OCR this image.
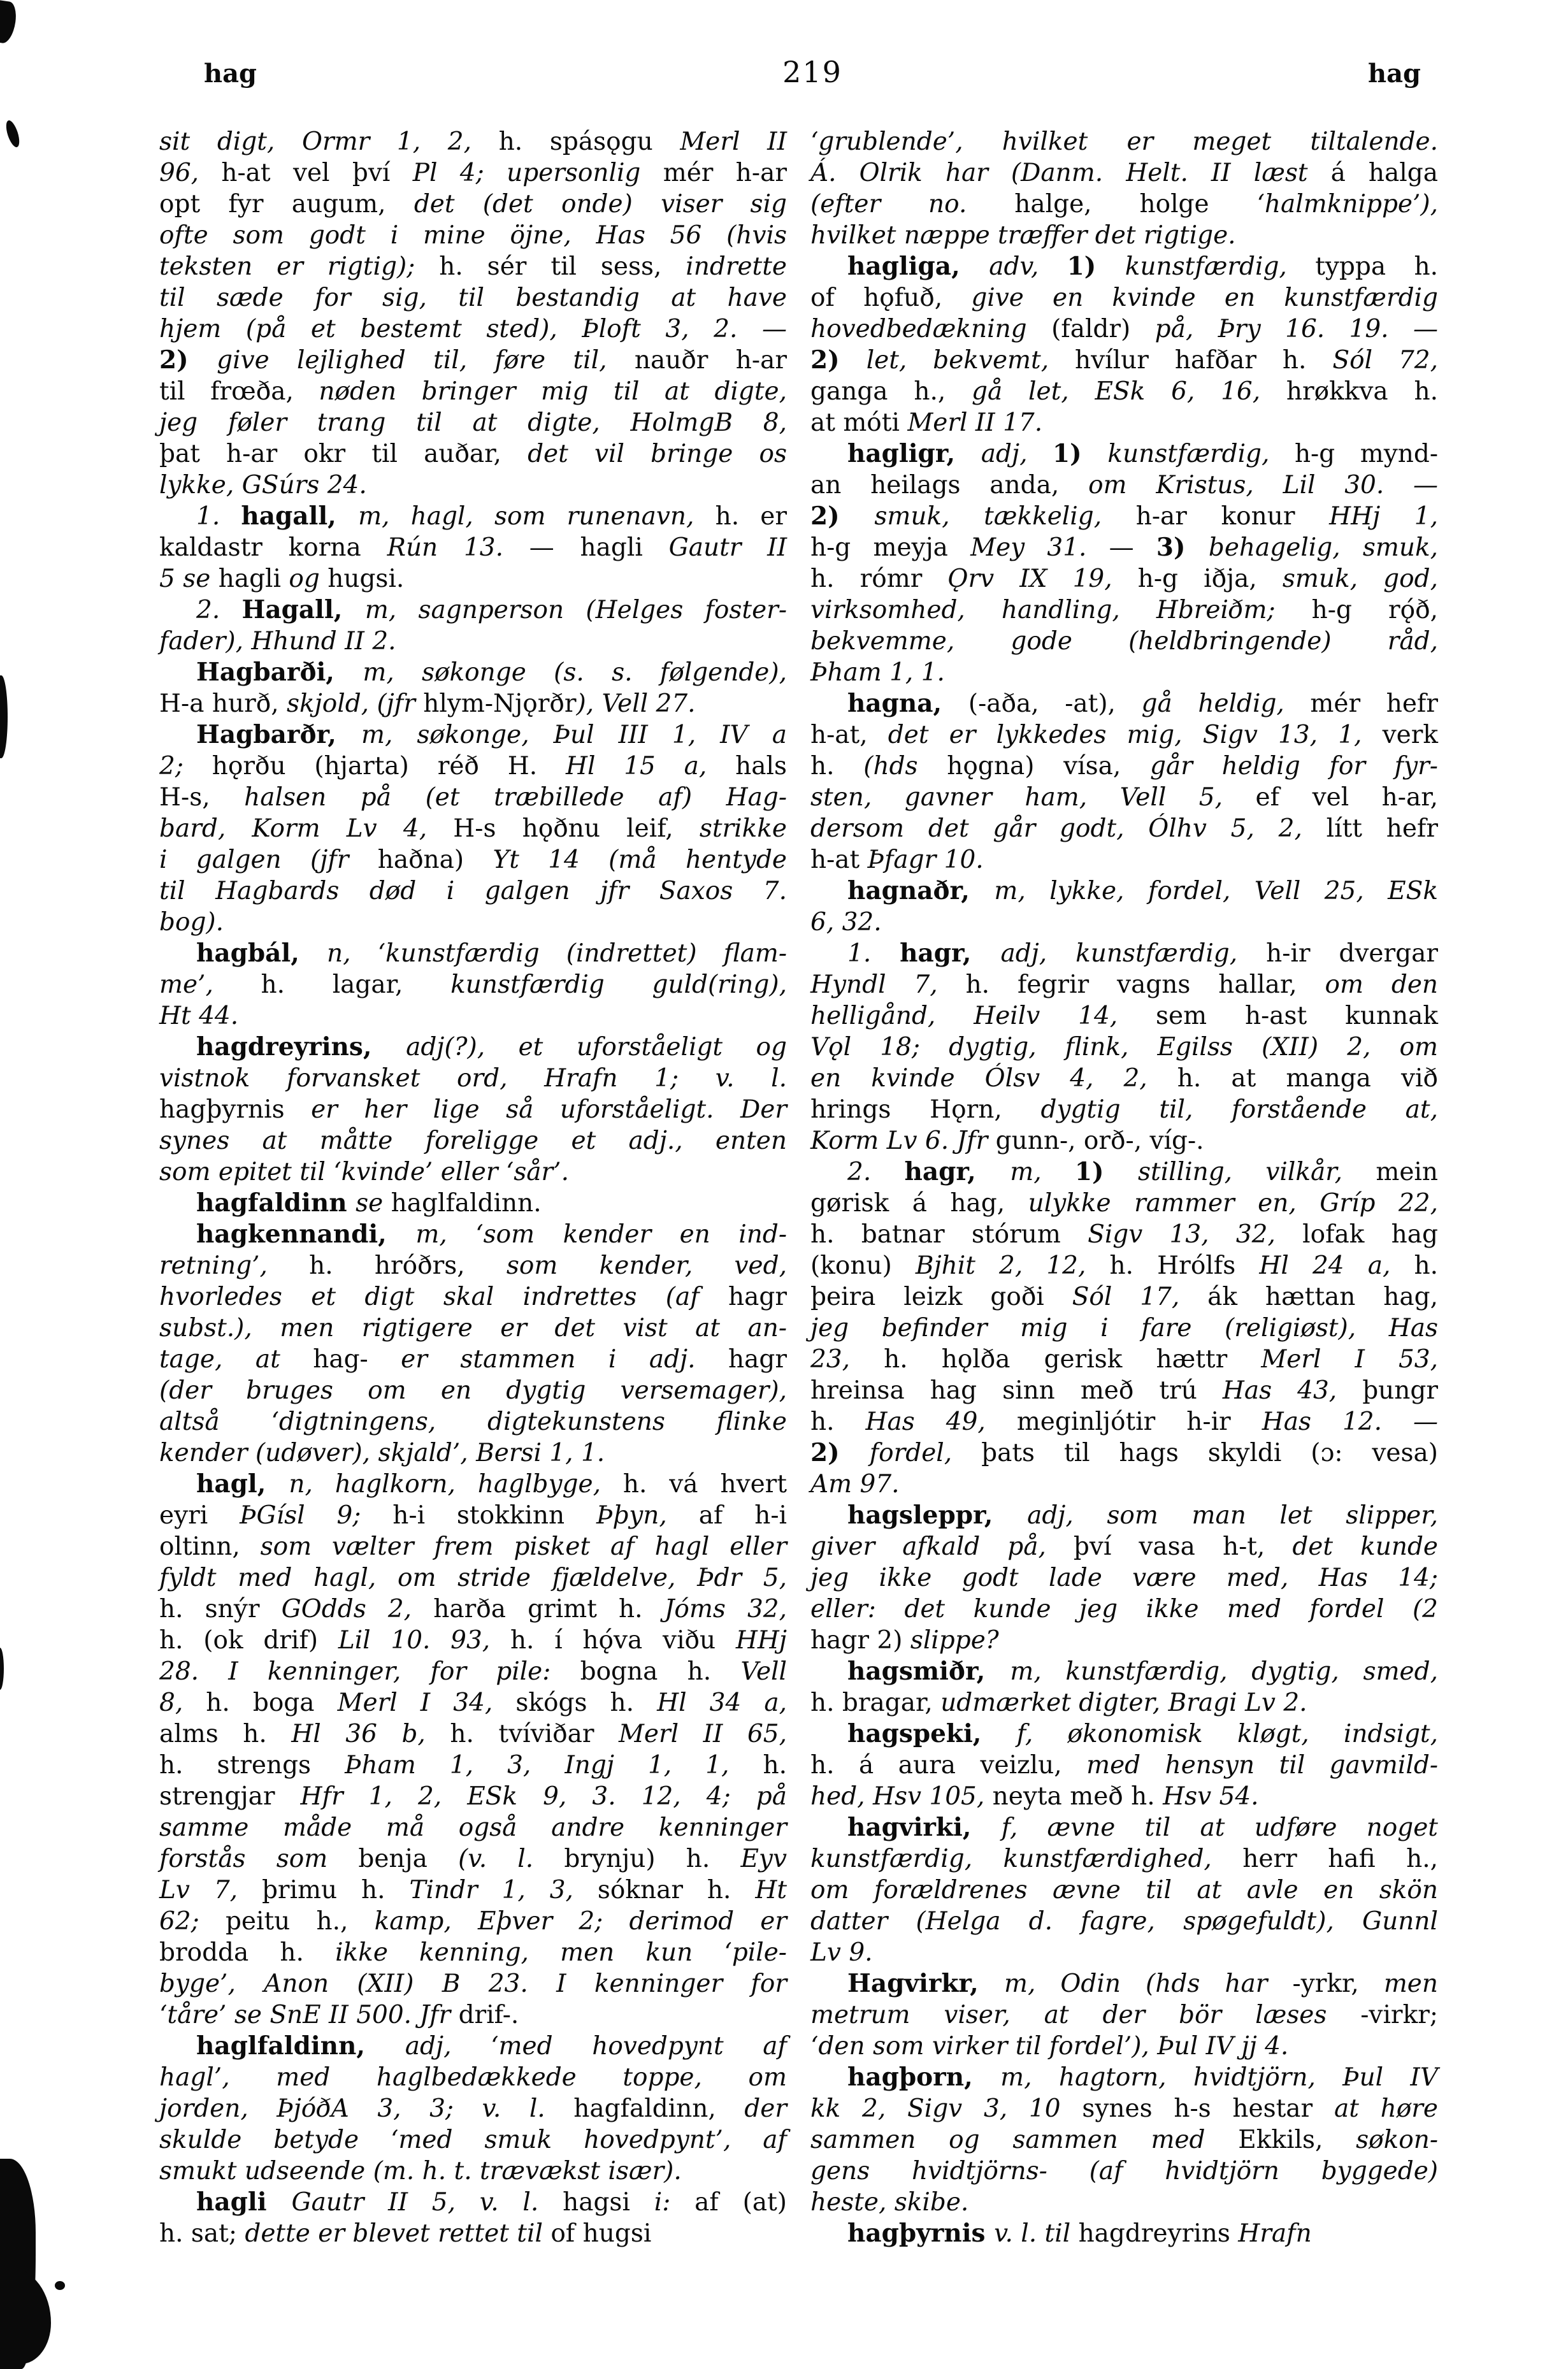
hag	219	hag
sit digt, Ormr 1, 2, h. spásǫgu Merl II
96, h-at vel því Pl 4; upersonlig mér h-ar
opt fyr augum, det (det onde) viser sig
ofte som godt i mine öjne, Has 56 (hvis
teksten er rigtig); h. sér til sess, indrette
til sæde for sig, til bestandig at have
hjem (på et bestemt sted), Þloft 3, 2. —
2) give lejlighed til, føre til, nauðr h-ar
til frœða, nøden bringer mig til at digte,
jeg føler trang til at digte, HolmgB 8,
þat h-ar okr til auðar, det vil bringe os
lykke, GSúrs 24.
1. hagall, m, hagl, som runenavn, h. er
kaldastr korna Rún 13. — hagli Gautr II
5 se hagli og hugsi.
2. Hagall, m, sagnperson (Helges foster-
fader), Hhund II 2.
Hagbarði, m, søkonge (s. s. følgende),
H-a hurð, skjold, (jfr hlym-Njǫrðr), Vell 27.
Hagbarðr, m, søkonge, Þul III 1, IV a
2; hǫrðu (hjarta) réð H. Hl 15 a, hals
H-s, halsen på (et træbillede af) Hag-
bard, Korm Lv 4, H-s hǫðnu leif, strikke
i galgen (jfr haðna) Yt 14 (må hentyde
til Hagbards død i galgen jfr Saxos 7.
bog).
hagbál, n, ‘kunstfærdig (indrettet) flam-
me’, h. lagar, kunstfærdig guld(ring),
Ht 44.
hagdreyrins, adj(?), et uforståeligt og
vistnok forvansket ord, Hrafn 1; v. l.
hagþyrnis er her lige så uforståeligt. Der
synes at måtte foreligge et adj., enten
som epitet til ‘kvinde’ eller ‘sår’.
hagfaldinn se haglfaldinn.
hagkennandi, m, ‘som kender en ind-
retning’, h. hróðrs, som kender, ved,
hvorledes et digt skal indrettes (af hagr
subst.), men rigtigere er det vist at an-
tage, at hag- er stammen i adj. hagr
(der bruges om en dygtig versemager),
altså ‘digtningens, digtekunstens flinke
kender (udøver), skjald’, Bersi 1, 1.
hagl, n, haglkorn, haglbyge, h. vá hvert
eyri ÞGísl 9; h-i stokkinn Þþyn, af h-i
oltinn, som vælter frem pisket af hagl eller
fyldt med hagl, om stride fjældelve, Þdr 5,
h. snýr GOdds 2, harða grimt h. Jóms 32,
h. (ok drif) Lil 10. 93, h. í hǫ́va viðu HHj
28. I kenninger, for pile: bogna h. Vell
8, h. boga Merl I 34, skógs h. Hl 34 a,
alms h. Hl 36 b, h. tvíviðar Merl II 65,
h. strengs Þham 1, 3, Ingj 1, 1, h.
strengjar Hfr 1, 2, ESk 9, 3. 12, 4; på
samme måde må også andre kenninger
forstås som benja (v. l. brynju) h. Eyv
Lv 7, þrimu h. Tindr 1, 3, sóknar h. Ht
62; peitu h., kamp, Eþver 2; derimod er
brodda h. ikke kenning, men kun ‘pile-
byge’, Anon (XII) B 23. I kenninger for
‘tåre’ se SnE II 500. Jfr drif-.
haglfaldinn, adj, ‘med hovedpynt af
hagl’, med haglbedækkede toppe, om
jorden, ÞjóðA 3, 3; v. l. hagfaldinn, der
skulde betyde ‘med smuk hovedpynt’, af
smukt udseende (m. h. t. trævækst især).
hagli Gautr II 5, v. l. hagsi i: af (at)
h. sat; dette er blevet rettet til of hugsi
‘grublende’, hvilket er meget tiltalende.
Á. Olrik har (Danm. Helt. II læst á halga
(efter no. halge, holge ‘halmknippe’),
hvilket næppe træffer det rigtige.
hagliga, adv, 1) kunstfærdig, typpa h.
of hǫfuð, give en kvinde en kunstfærdig
hovedbedækning (faldr) på, Þry 16. 19. —
2) let, bekvemt, hvílur hafðar h. Sól 72,
ganga h., gå let, ESk 6, 16, hrøkkva h.
at móti Merl II 17.
hagligr, adj, 1) kunstfærdig, h-g mynd-
an heilags anda, om Kristus, Lil 30. —
2) smuk, tækkelig, h-ar konur HHj 1,
h-g meyja Mey 31. — 3) behagelig, smuk,
h. rómr Ǫrv IX 19, h-g iðja, smuk, god,
virksomhed, handling, Hbreiðm; h-g rǫ́ð,
bekvemme, gode (heldbringende) råd,
Þham 1, 1.
hagna, (-aða, -at), gå heldig, mér hefr
h-at, det er lykkedes mig, Sigv 13, 1, verk
h. (hds hǫgna) vísa, går heldig for fyr-
sten, gavner ham, Vell 5, ef vel h-ar,
dersom det går godt, Ólhv 5, 2, lítt hefr
h-at Þfagr 10.
hagnaðr, m, lykke, fordel, Vell 25, ESk
6, 32.
1. hagr, adj, kunstfærdig, h-ir dvergar
Hyndl 7, h. fegrir vagns hallar, om den
helligånd, Heilv 14, sem h-ast kunnak
Vǫl 18; dygtig, flink, Egilss (XII) 2, om
en kvinde Ólsv 4, 2, h. at manga við
hrings Hǫrn, dygtig til, forstående at,
Korm Lv 6. Jfr gunn-, orð-, víg-.
2. hagr, m, 1) stilling, vilkår, mein
gørisk á hag, ulykke rammer en, Gríp 22,
h. batnar stórum Sigv 13, 32, lofak hag
(konu) Bjhit 2, 12, h. Hrólfs Hl 24 a, h.
þeira leizk goði Sól 17, ák hættan hag,
jeg befinder mig i fare (religiøst), Has
23, h. hǫlða gerisk hættr Merl I 53,
hreinsa hag sinn með trú Has 43, þungr
h. Has 49, meginljótir h-ir Has 12. —
2) fordel, þats til hags skyldi (ɔ: vesa)
Am 97.
hagsleppr, adj, som man let slipper,
giver afkald på, því vasa h-t, det kunde
jeg ikke godt lade være med, Has 14;
eller: det kunde jeg ikke med fordel (2
hagr 2) slippe?
hagsmiðr, m, kunstfærdig, dygtig, smed,
h. bragar, udmærket digter, Bragi Lv 2.
hagspeki, f, økonomisk kløgt, indsigt,
h. á aura veizlu, med hensyn til gavmild-
hed, Hsv 105, neyta með h. Hsv 54.
hagvirki, f, ævne til at udføre noget
kunstfærdig, kunstfærdighed, herr hafi h.,
om forældrenes ævne til at avle en skön
datter (Helga d. fagre, spøgefuldt), Gunnl
Lv 9.
Hagvirkr, m, Odin (hds har -yrkr, men
metrum viser, at der bör læses -virkr;
‘den som virker til fordel’), Þul IV jj 4.
hagþorn, m, hagtorn, hvidtjörn, Þul IV
kk 2, Sigv 3, 10 synes h-s hestar at høre
sammen og sammen med Ekkils, søkon-
gens hvidtjörns- (af hvidtjörn byggede)
heste, skibe.
hagþyrnis v. l. til hagdreyrins Hrafn
